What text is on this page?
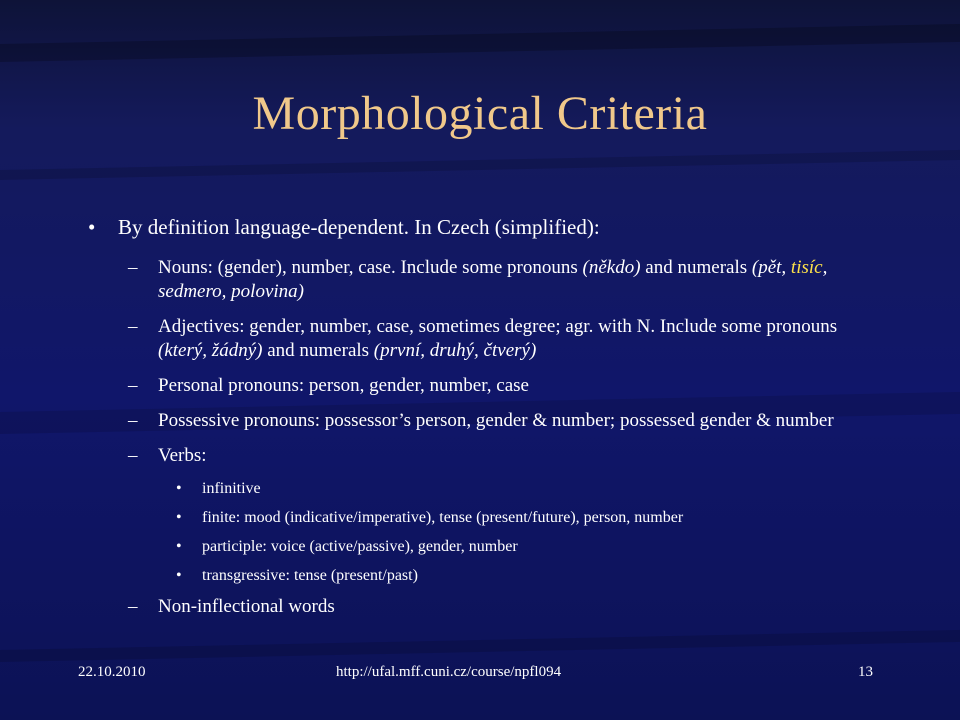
Morphological Criteria
• By definition language-dependent. In Czech (simplified):
– Nouns: (gender), number, case. Include some pronouns (někdo) and numerals (pět, tisíc, sedmero, polovina)
– Adjectives: gender, number, case, sometimes degree; agr. with N. Include some pronouns (který, žádný) and numerals (první, druhý, čtverý)
– Personal pronouns: person, gender, number, case
– Possessive pronouns: possessor’s person, gender & number; possessed gender & number
– Verbs:
• infinitive
• finite: mood (indicative/imperative), tense (present/future), person, number
• participle: voice (active/passive), gender, number
• transgressive: tense (present/past)
– Non-inflectional words
22.10.2010	http://ufal.mff.cuni.cz/course/npfl094	13
